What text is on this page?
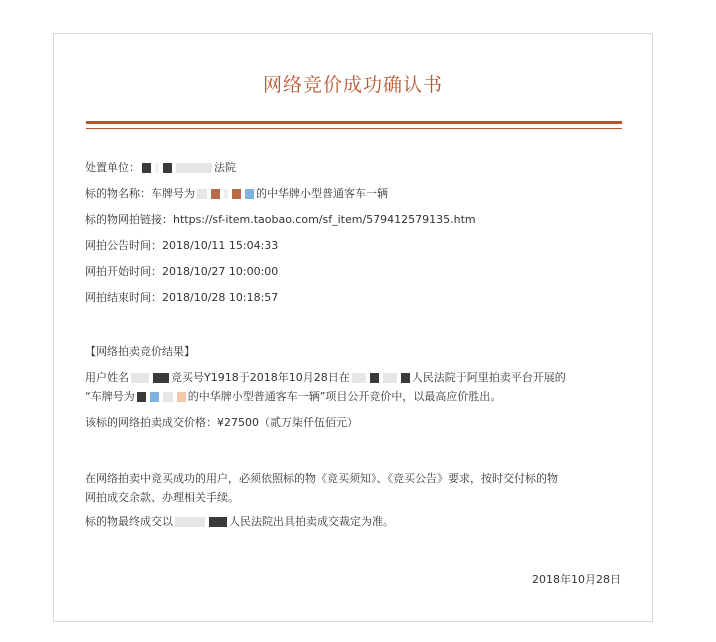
网络竞价成功确认书
处置单位：	法院
标的物名称：车牌号为	的中华牌小型普通客车一辆
标的物网拍链接：https://sf-item.taobao.com/sf_item/579412579135.htm
网拍公告时间：2018/10/11 15:04:33
网拍开始时间：2018/10/27 10:00:00
网拍结束时间：2018/10/28 10:18:57
【网络拍卖竞价结果】
用户姓名	竞买号Y1918于2018年10月28日在	人民法院于阿里拍卖平台开展的
“车牌号为	的中华牌小型普通客车一辆”项目公开竞价中，以最高应价胜出。
该标的网络拍卖成交价格：¥27500（贰万柒仟伍佰元）
在网络拍卖中竞买成功的用户，必须依照标的物《竞买须知》、《竞买公告》要求，按时交付标的物
网拍成交余款、办理相关手续。
标的物最终成交以	人民法院出具拍卖成交裁定为准。
2018年10月28日
